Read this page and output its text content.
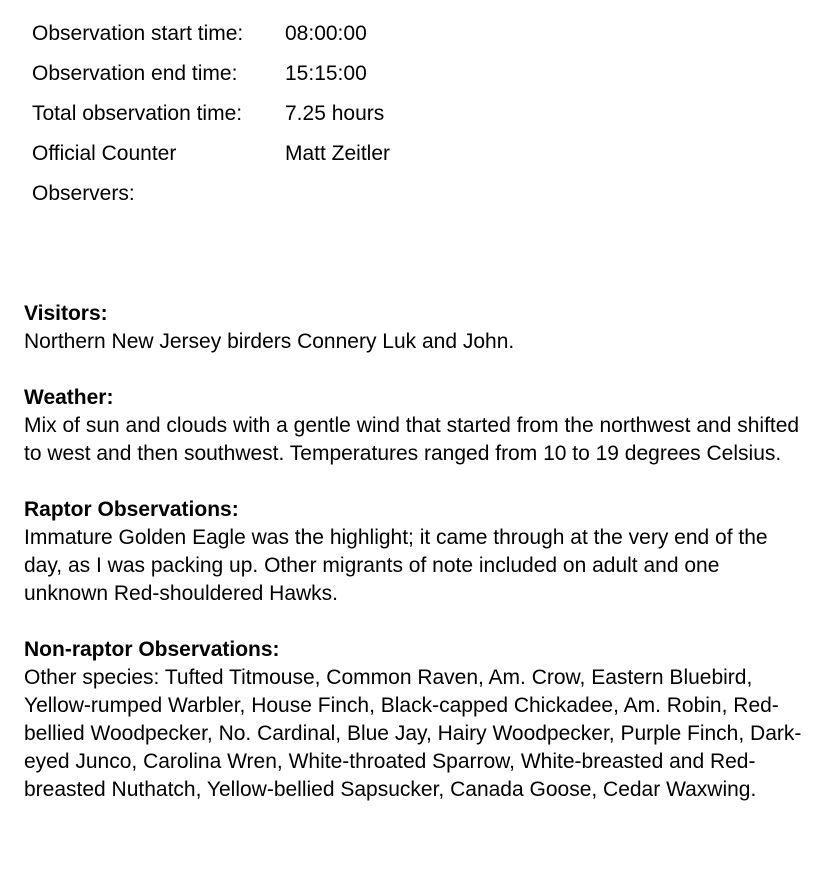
Observation start time:	08:00:00
Observation end time:	15:15:00
Total observation time:	7.25 hours
Official Counter	Matt Zeitler
Observers:	

Visitors:

Northern New Jersey birders Connery Luk and John.

Weather:

Mix of sun and clouds with a gentle wind that started from the northwest and shifted to west and then southwest. Temperatures ranged from 10 to 19 degrees Celsius.

Raptor Observations:

Immature Golden Eagle was the highlight; it came through at the very end of the day, as I was packing up. Other migrants of note included on adult and one unknown Red-shouldered Hawks.

Non-raptor Observations:

Other species: Tufted Titmouse, Common Raven, Am. Crow, Eastern Bluebird, Yellow-rumped Warbler, House Finch, Black-capped Chickadee, Am. Robin, Red-bellied Woodpecker, No. Cardinal, Blue Jay, Hairy Woodpecker, Purple Finch, Dark-eyed Junco, Carolina Wren, White-throated Sparrow, White-breasted and Red-breasted Nuthatch, Yellow-bellied Sapsucker, Canada Goose, Cedar Waxwing.
